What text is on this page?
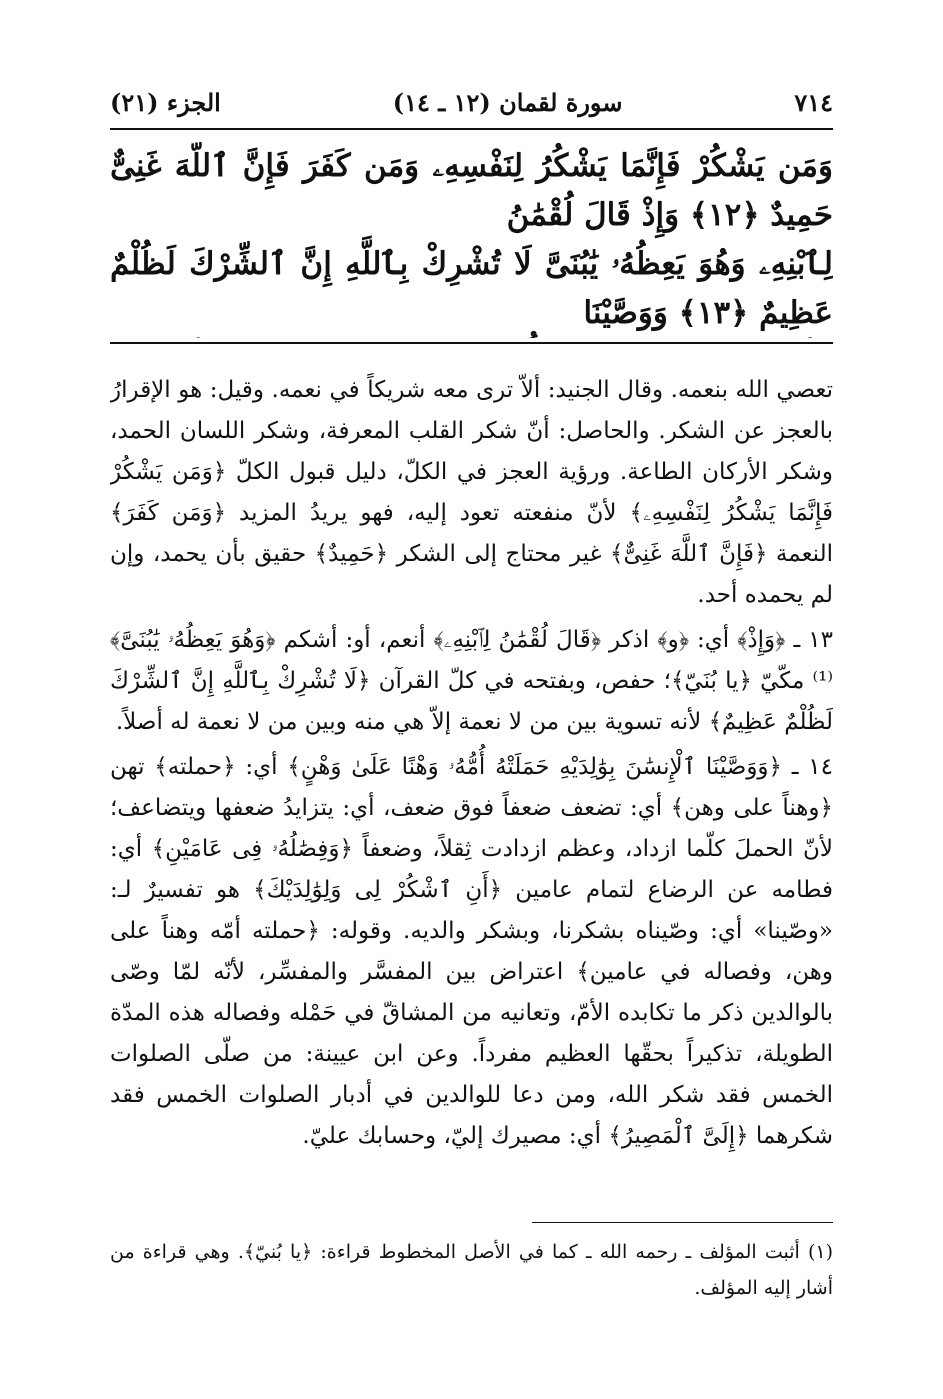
٧١٤
سورة لقمان (١٢ ـ ١٤)
الجزء (٢١)
وَمَن يَشْكُرْ فَإِنَّمَا يَشْكُرُ لِنَفْسِهِۦ وَمَن كَفَرَ فَإِنَّ ٱللَّهَ غَنِىٌّ حَمِيدٌ ﴿١٢﴾ وَإِذْ قَالَ لُقْمَٰنُ
لِٱبْنِهِۦ وَهُوَ يَعِظُهُۥ يَٰبُنَىَّ لَا تُشْرِكْ بِٱللَّهِ إِنَّ ٱلشِّرْكَ لَظُلْمٌ عَظِيمٌ ﴿١٣﴾ وَوَصَّيْنَا

تعصي الله بنعمه. وقال الجنيد: ألاّ ترى معه شريكاً في نعمه. وقيل: هو الإقرارُ بالعجز عن الشكر. والحاصل: أنّ شكر القلب المعرفة، وشكر اللسان الحمد، وشكر الأركان الطاعة. ورؤية العجز في الكلّ، دليل قبول الكلّ ﴿وَمَن يَشْكُرْ فَإِنَّمَا يَشْكُرُ لِنَفْسِهِۦ﴾ لأنّ منفعته تعود إليه، فهو يريدُ المزيد ﴿وَمَن كَفَرَ﴾ النعمة ﴿فَإِنَّ ٱللَّهَ غَنِىٌّ﴾ غير محتاج إلى الشكر ﴿حَمِيدٌ﴾ حقيق بأن يحمد، وإن لم يحمده أحد.

١٣ ـ ﴿وَإِذْ﴾ أي: ﴿و﴾ اذكر ﴿قَالَ لُقْمَٰنُ لِٱبْنِهِۦ﴾ أنعم، أو: أشكم ﴿وَهُوَ يَعِظُهُۥ يَٰبُنَىَّ﴾⁽¹⁾ مكّيّ ﴿يا بُنَيّ﴾؛ حفص، وبفتحه في كلّ القرآن ﴿لَا تُشْرِكْ بِٱللَّهِ إِنَّ ٱلشِّرْكَ لَظُلْمٌ عَظِيمٌ﴾ لأنه تسوية بين من لا نعمة إلاّ هي منه وبين من لا نعمة له أصلاً.

١٤ ـ ﴿وَوَصَّيْنَا ٱلْإِنسَٰنَ بِوَٰلِدَيْهِ حَمَلَتْهُ أُمُّهُۥ وَهْنًا عَلَىٰ وَهْنٍ﴾ أي: ﴿حملته﴾ تهن ﴿وهناً على وهن﴾ أي: تضعف ضعفاً فوق ضعف، أي: يتزايدُ ضعفها ويتضاعف؛ لأنّ الحملَ كلّما ازداد، وعظم ازدادت ثِقلاً، وضعفاً ﴿وَفِصَٰلُهُۥ فِى عَامَيْنِ﴾ أي: فطامه عن الرضاع لتمام عامين ﴿أَنِ ٱشْكُرْ لِى وَلِوَٰلِدَيْكَ﴾ هو تفسيرٌ لـ: «وصّينا» أي: وصّيناه بشكرنا، وبشكر والديه. وقوله: ﴿حملته أمّه وهناً على وهن، وفصاله في عامين﴾ اعتراض بين المفسَّر والمفسِّر، لأنّه لمّا وصّى بالوالدين ذكر ما تكابده الأمّ، وتعانيه من المشاقّ في حَمْله وفصاله هذه المدّة الطويلة، تذكيراً بحقّها العظيم مفرداً. وعن ابن عيينة: من صلّى الصلوات الخمس فقد شكر الله، ومن دعا للوالدين في أدبار الصلوات الخمس فقد شكرهما ﴿إِلَىَّ ٱلْمَصِيرُ﴾ أي: مصيرك إليّ، وحسابك عليّ.

(١) أثبت المؤلف ـ رحمه الله ـ كما في الأصل المخطوط قراءة: ﴿يا بُنيّ﴾. وهي قراءة من أشار إليه المؤلف.
